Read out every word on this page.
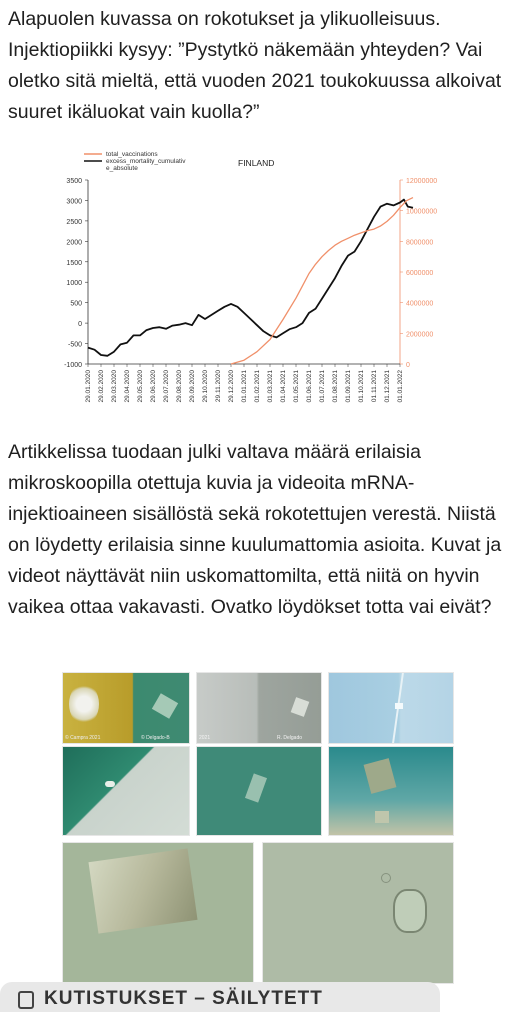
Alapuolen kuvassa on rokotukset ja ylikuolleisuus. Injektiopiikki kysyy: ”Pystytkö näkemään yhteyden? Vai oletko sitä mieltä, että vuoden 2021 toukokuussa alkoivat suuret ikäluokat vain kuolla?”

3500
3000
2500
2000
1500
1000
500
0
-500
-1000
12000000
10000000
8000000
6000000
4000000
2000000
0
29.01.2020 29.02.2020 29.03.2020 29.04.2020 29.05.2020 29.06.2020 29.07.2020 29.08.2020 29.09.2020 29.10.2020 29.11.2020 29.12.2020 01.01.2021 01.02.2021 01.03.2021 01.04.2021 01.05.2021 01.06.2021 01.07.2021 01.08.2021 01.09.2021 01.10.2021 01.11.2021 01.12.2021 01.01.2022
total_vaccinations
excess_mortality_cumulativ
e_absolute
FINLAND

Artikkelissa tuodaan julki valtava määrä erilaisia mikroskoopilla otettuja kuvia ja videoita mRNA-injektioaineen sisällöstä sekä rokotettujen verestä. Niistä on löydetty erilaisia sinne kuulumattomia asioita. Kuvat ja videot näyttävät niin uskomattomilta, että niitä on hyvin vaikea ottaa vakavasti. Ovatko löydökset totta vai eivät?

© Campra 2021	© Delgado-B	2021	R. Delgado
KUTISTUKSET – SÄILYTETT
